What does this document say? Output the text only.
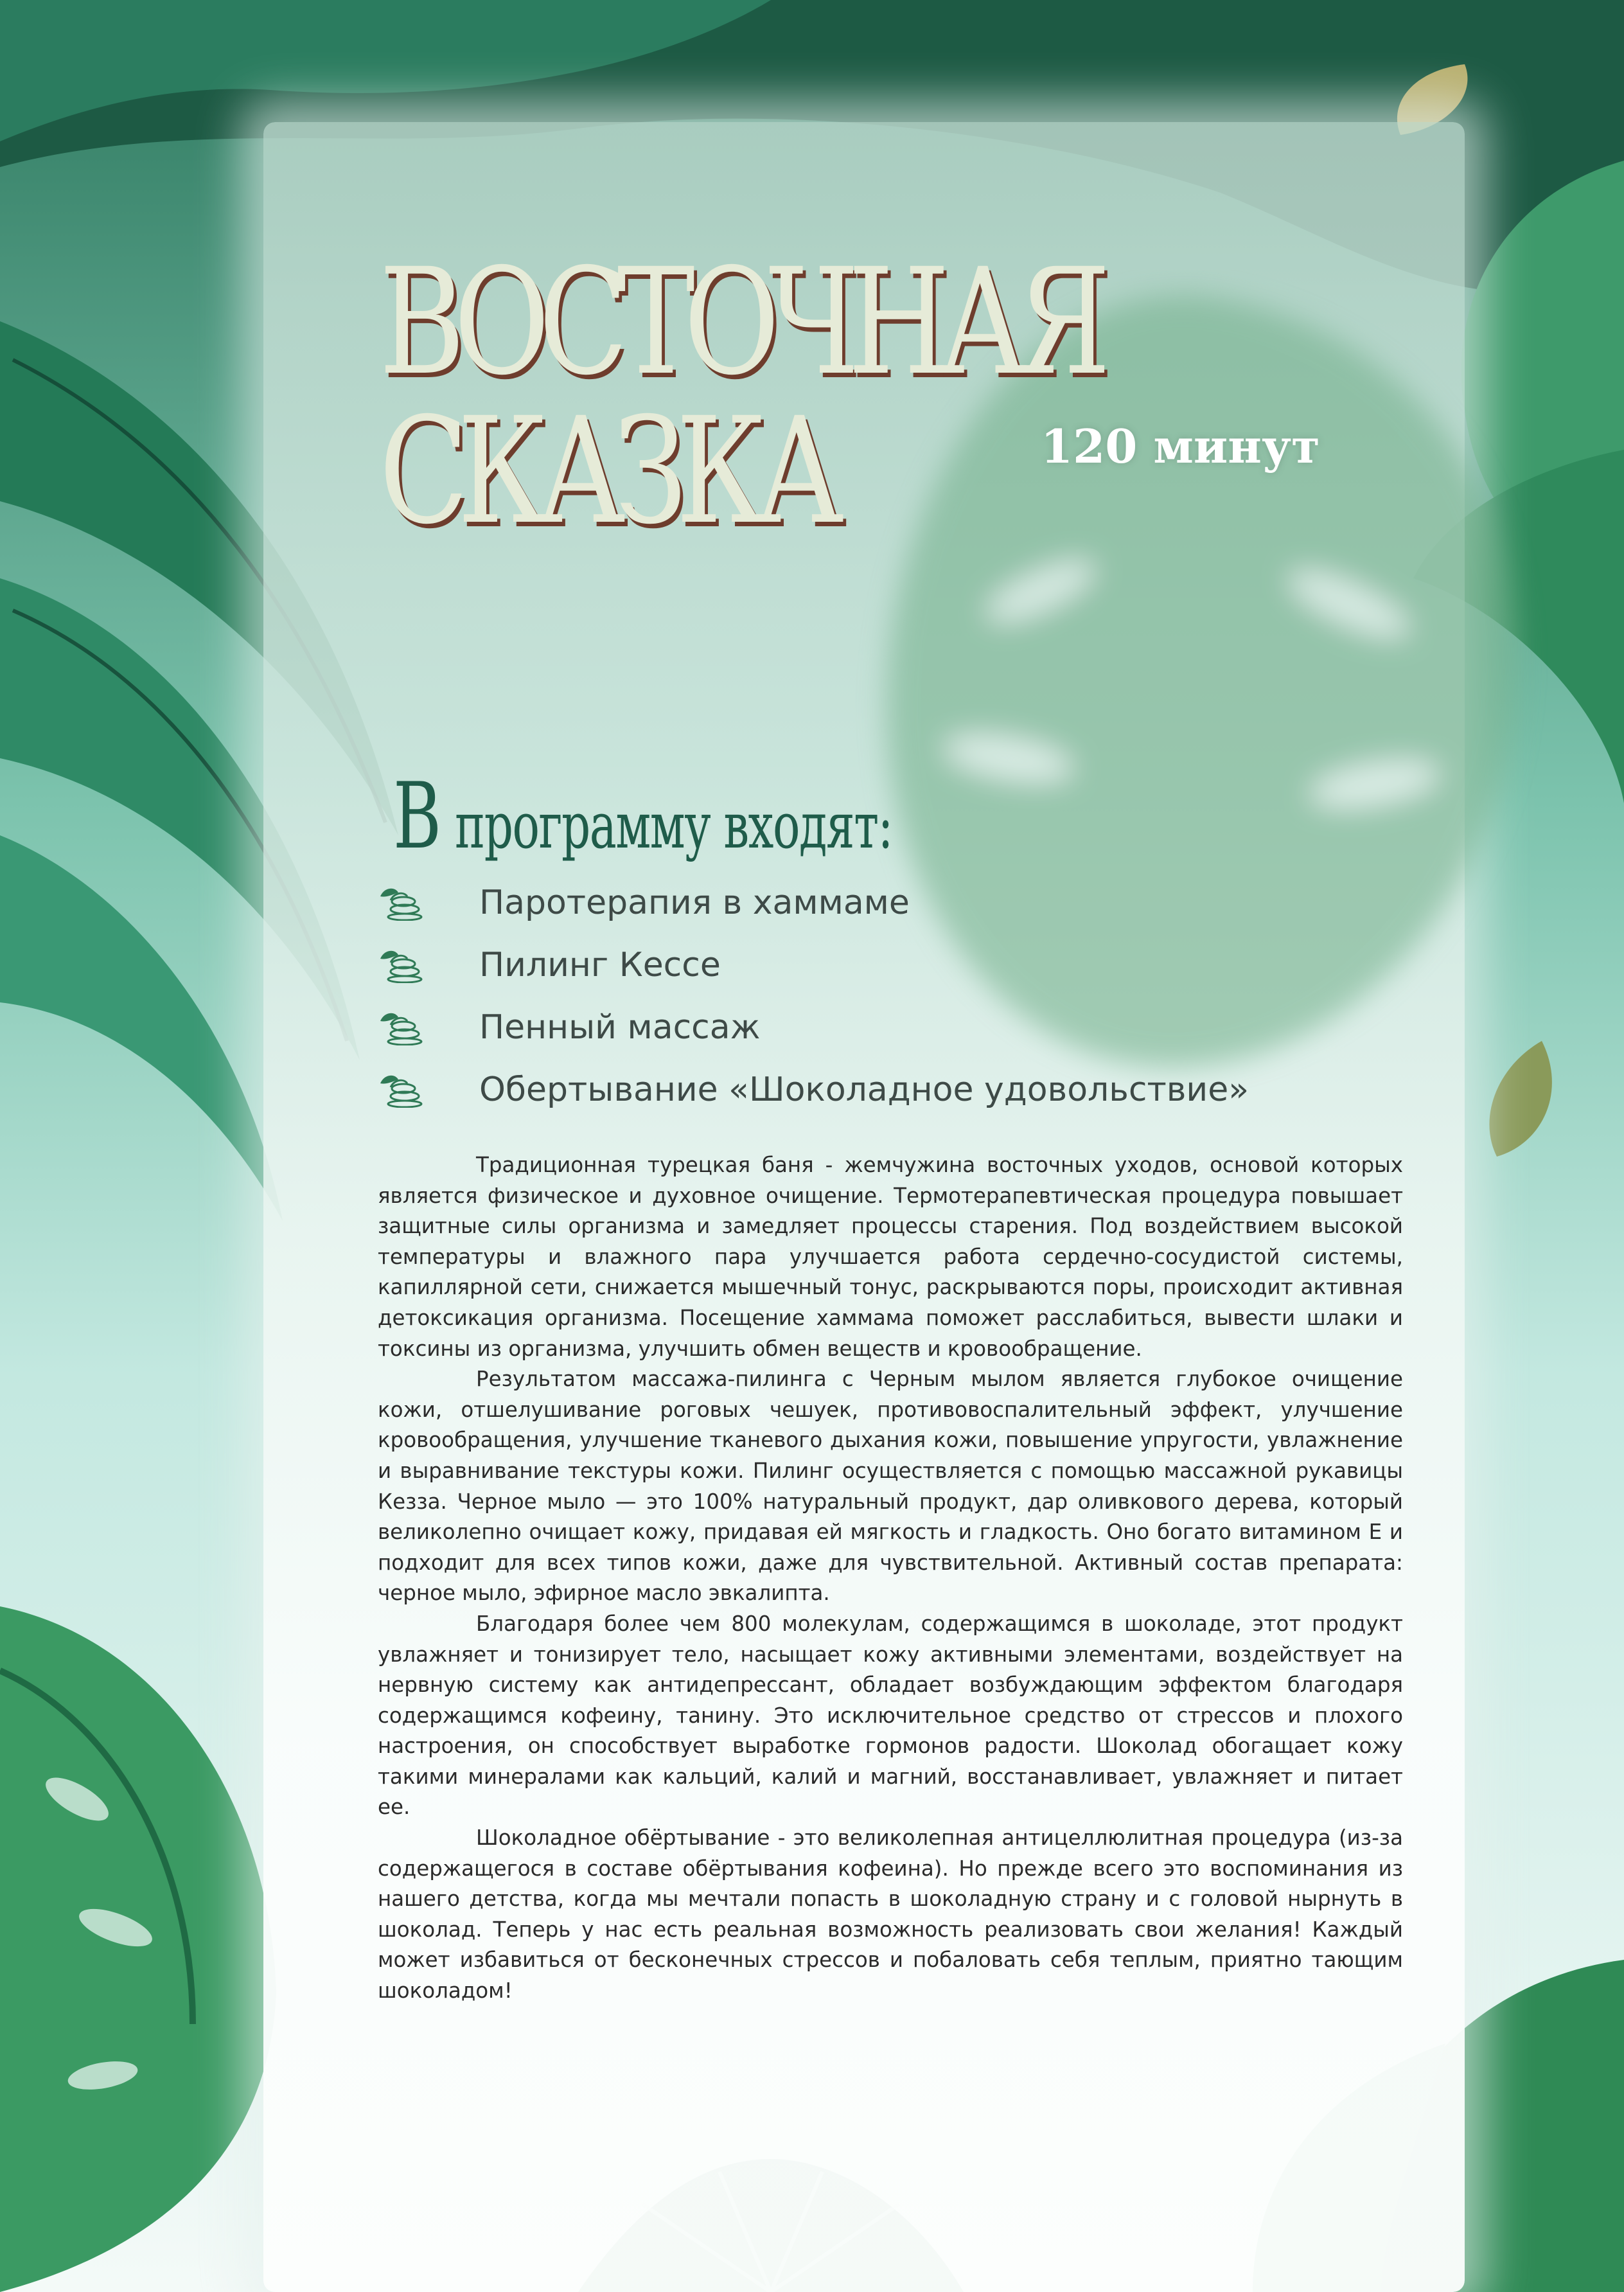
ВОСТОЧНАЯ
СКАЗКА	120 минут
В программу входят:
Паротерапия в хаммаме
Пилинг Кессе
Пенный массаж
Обертывание «Шоколадное удовольствие»

Традиционная турецкая баня - жемчужина восточных уходов, основой которых является физическое и духовное очищение. Термотерапевтическая процедура повышает защитные силы организма и замедляет процессы старения. Под воздействием высокой температуры и влажного пара улучшается работа сердечно-сосудистой системы, капиллярной сети, снижается мышечный тонус, раскрываются поры, происходит активная детоксикация организма. Посещение хаммама поможет расслабиться, вывести шлаки и токсины из организма, улучшить обмен веществ и кровообращение.

Результатом массажа-пилинга с Черным мылом является глубокое очищение кожи, отшелушивание роговых чешуек, противовоспалительный эффект, улучшение кровообращения, улучшение тканевого дыхания кожи, повышение упругости, увлажнение и выравнивание текстуры кожи. Пилинг осуществляется с помощью массажной рукавицы Кезза. Черное мыло — это 100% натуральный продукт, дар оливкового дерева, который великолепно очищает кожу, придавая ей мягкость и гладкость. Оно богато витамином Е и подходит для всех типов кожи, даже для чувствительной. Активный состав препарата: черное мыло, эфирное масло эвкалипта.

Благодаря более чем 800 молекулам, содержащимся в шоколаде, этот продукт увлажняет и тонизирует тело, насыщает кожу активными элементами, воздействует на нервную систему как антидепрессант, обладает возбуждающим эффектом благодаря содержащимся кофеину, танину. Это исключительное средство от стрессов и плохого настроения, он способствует выработке гормонов радости. Шоколад обогащает кожу такими минералами как кальций, калий и магний, восстанавливает, увлажняет и питает ее.

Шоколадное обёртывание - это великолепная антицеллюлитная процедура (из-за содержащегося в составе обёртывания кофеина). Но прежде всего это воспоминания из нашего детства, когда мы мечтали попасть в шоколадную страну и с головой нырнуть в шоколад. Теперь у нас есть реальная возможность реализовать свои желания! Каждый может избавиться от бесконечных стрессов и побаловать себя теплым, приятно тающим шоколадом!
